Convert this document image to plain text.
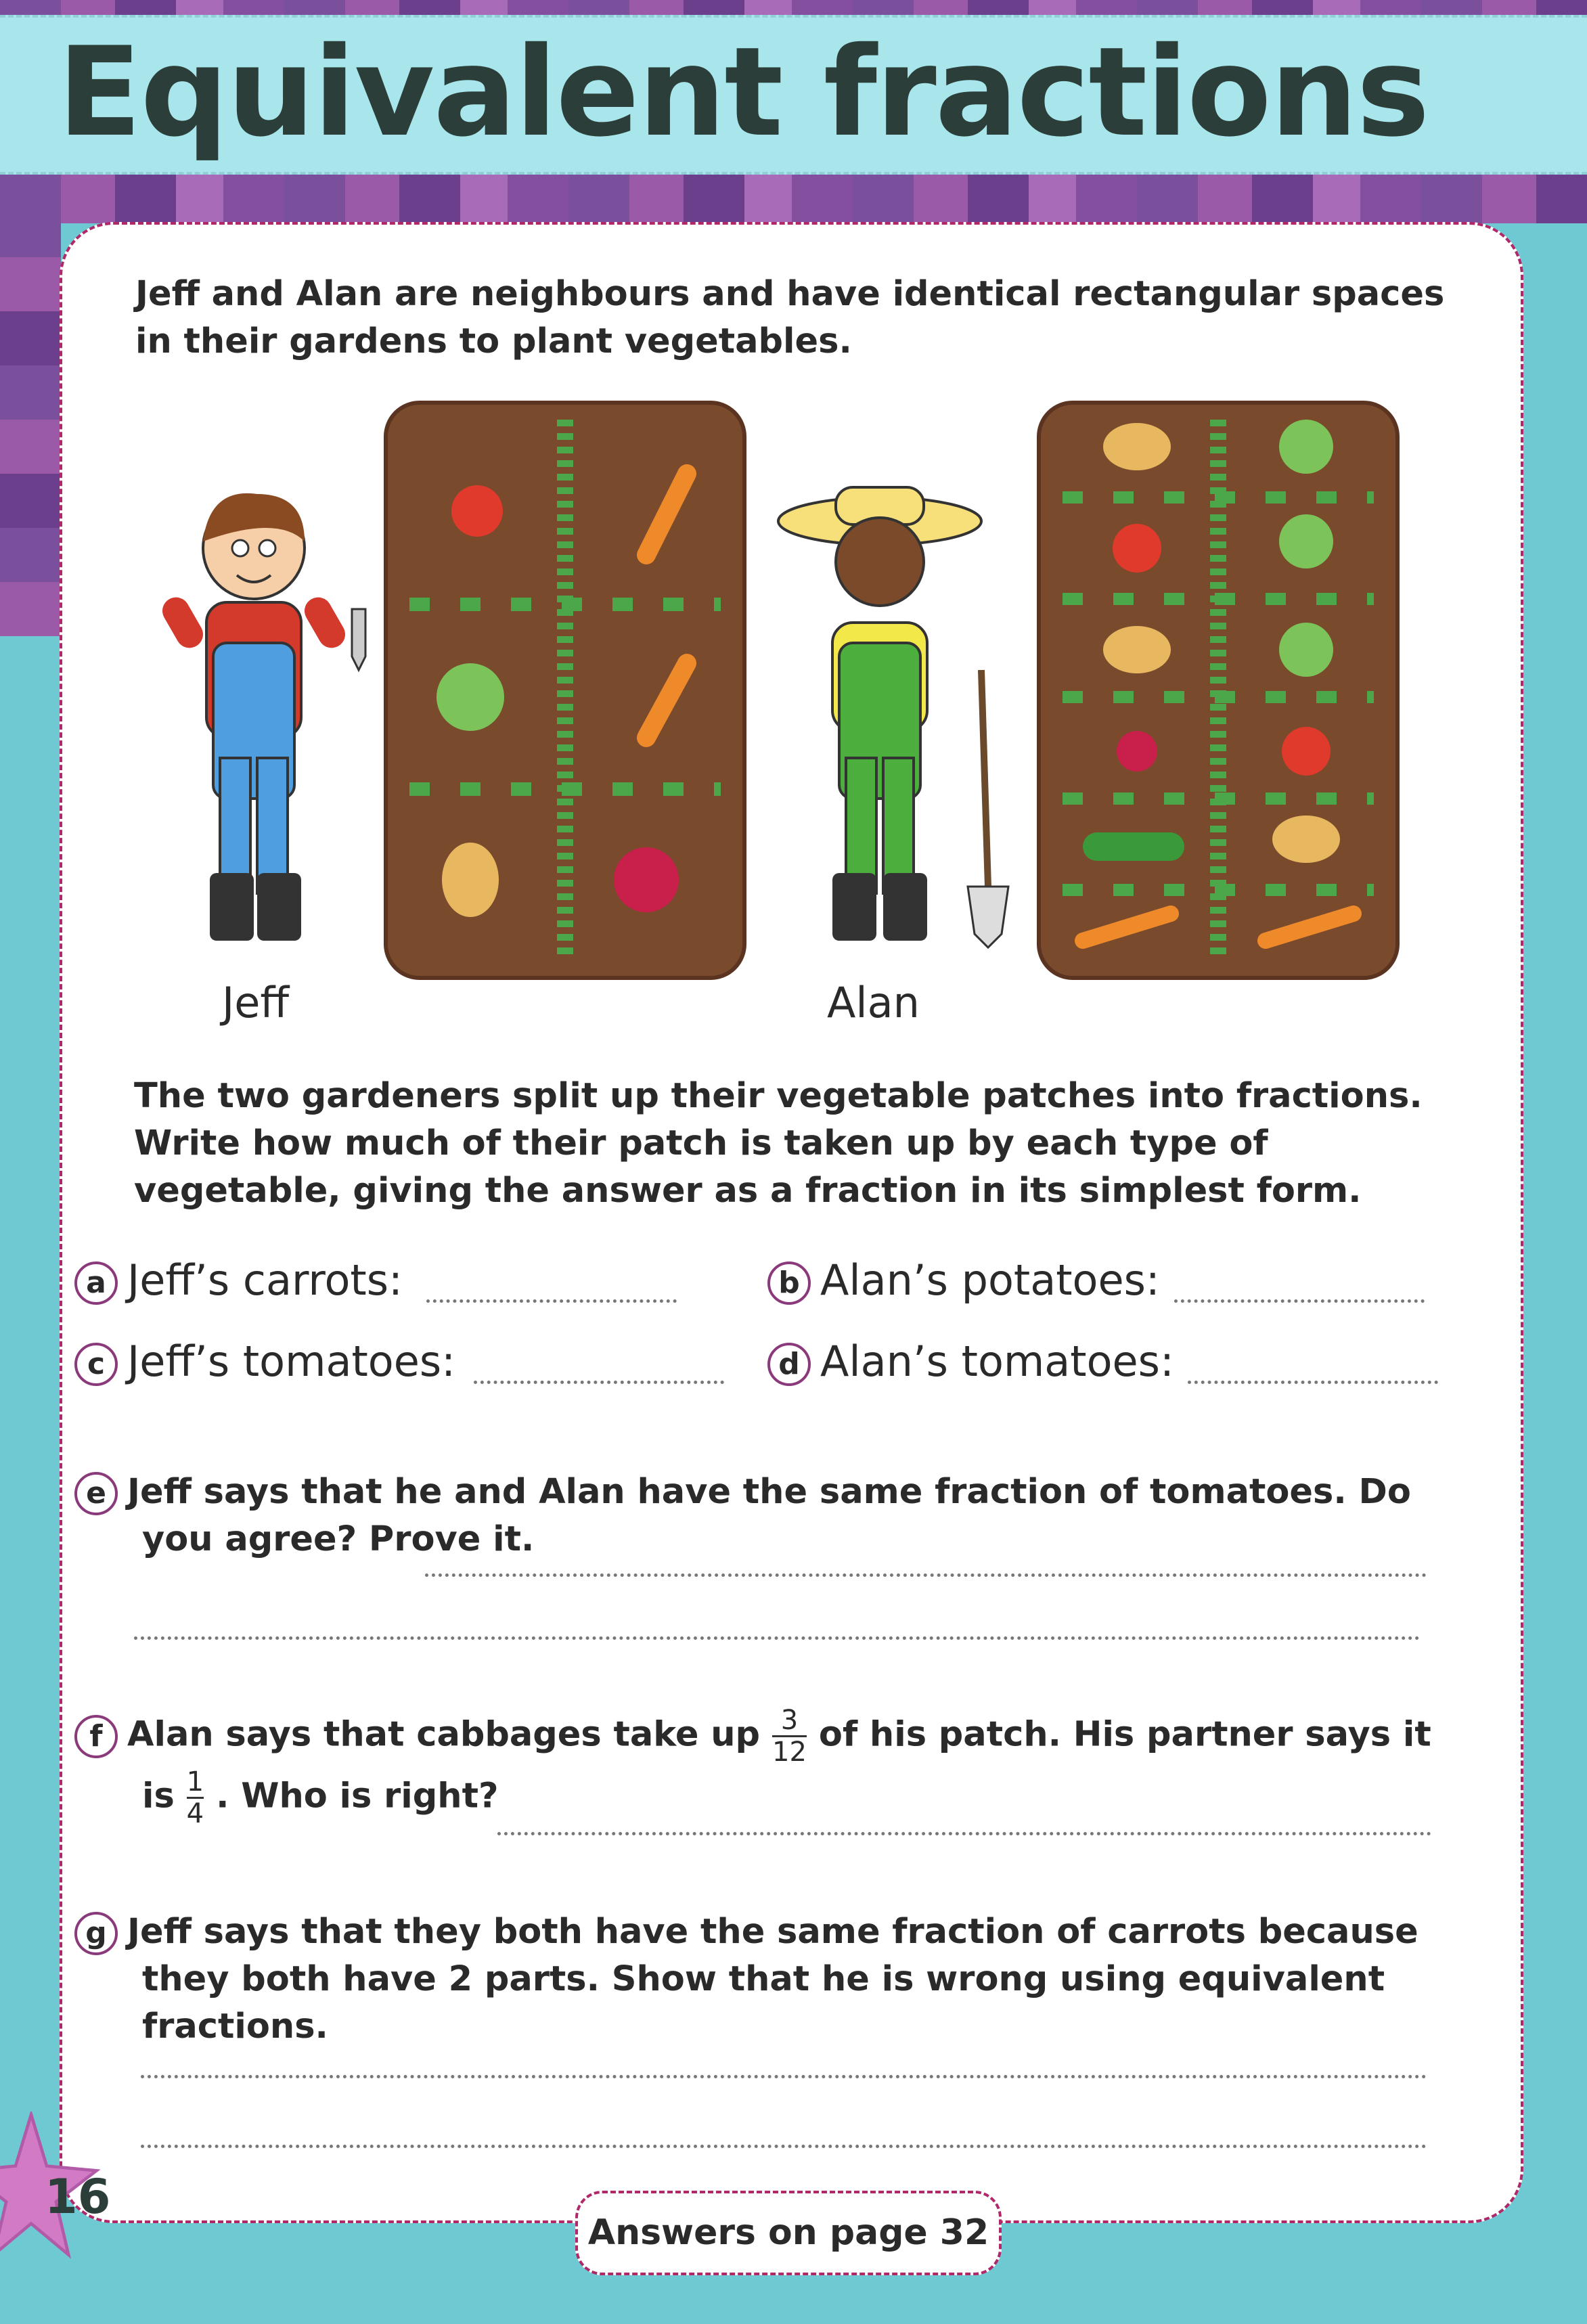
Equivalent fractions
Jeff and Alan are neighbours and have identical rectangular spaces in their gardens to plant vegetables.
Jeff	Alan
The two gardeners split up their vegetable patches into fractions. Write how much of their patch is taken up by each type of vegetable, giving the answer as a fraction in its simplest form.
a Jeff’s carrots:	b Alan’s potatoes:
c Jeff’s tomatoes:	d Alan’s tomatoes:
e Jeff says that he and Alan have the same fraction of tomatoes. Do you agree? Prove it.
f Alan says that cabbages take up $\frac{3}{12}$ of his patch. His partner says it is $\frac{1}{4}$ . Who is right?
g Jeff says that they both have the same fraction of carrots because they both have 2 parts. Show that he is wrong using equivalent fractions.
16
Answers on page 32
